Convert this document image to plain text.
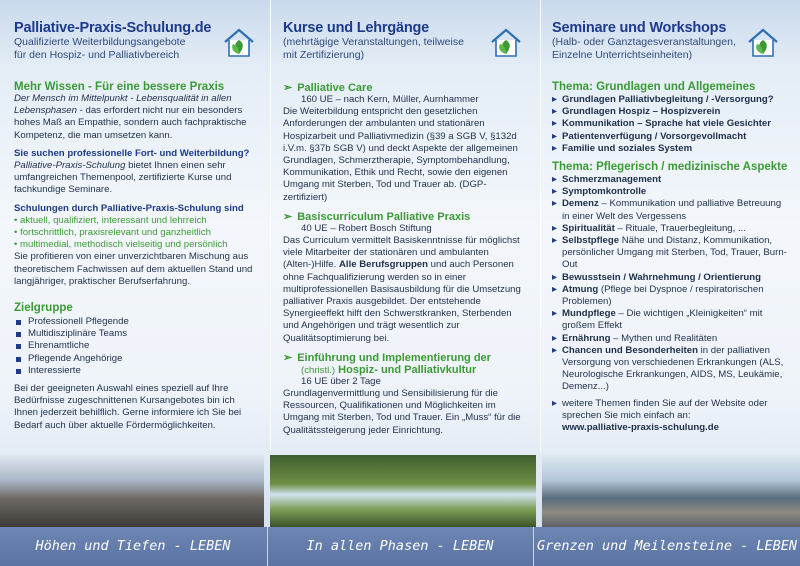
Palliative-Praxis-Schulung.de
Qualifizierte Weiterbildungsangebote für den Hospiz- und Palliativbereich
Mehr Wissen - Für eine bessere Praxis

Der Mensch im Mittelpunkt - Lebensqualität in allen Lebensphasen - das erfordert nicht nur ein besonders hohes Maß an Empathie, sondern auch fachpraktische Kompetenz, die man umsetzen kann.

Sie suchen professionelle Fort- und Weiterbildung?

Palliative-Praxis-Schulung bietet Ihnen einen sehr umfangreichen Themenpool, zertifizierte Kurse und fachkundige Seminare.

Schulungen durch Palliative-Praxis-Schulung sind

• aktuell, qualifiziert, interessant und lehrreich
• fortschrittlich, praxisrelevant und ganzheitlich
• multimedial, methodisch vielseitig und persönlich

Sie profitieren von einer unverzichtbaren Mischung aus theoretischem Fachwissen auf dem aktuellen Stand und langjähriger, praktischer Berufserfahrung.

Zielgruppe
Professionell Pflegende
Multidisziplinäre Teams
Ehrenamtliche
Pflegende Angehörige
Interessierte

Bei der geeigneten Auswahl eines speziell auf Ihre Bedürfnisse zugeschnittenen Kursangebotes bin ich Ihnen jederzeit behilflich. Gerne informiere ich Sie bei Bedarf auch über aktuelle Fördermöglichkeiten.

Kurse und Lehrgänge
(mehrtägige Veranstaltungen, teilweise mit Zertifizierung)
➢ Palliative Care

160 UE – nach Kern, Müller, Aurnhammer

Die Weiterbildung entspricht den gesetzlichen Anforderungen der ambulanten und stationären Hospizarbeit und Palliativmedizin (§39 a SGB V, §132d i.V.m. §37b SGB V) und deckt Aspekte der allgemeinen Grundlagen, Schmerztherapie, Symptombehandlung, Kommunikation, Ethik und Recht, sowie den eigenen Umgang mit Sterben, Tod und Trauer ab. (DGP-zertifiziert)

➢ Basiscurriculum Palliative Praxis

40 UE – Robert Bosch Stiftung

Das Curriculum vermittelt Basiskenntnisse für möglichst viele Mitarbeiter der stationären und ambulanten (Alten-)Hilfe. Alle Berufsgruppen und auch Personen ohne Fachqualifizierung werden so in einer multiprofessionellen Basisausbildung für die Umsetzung palliativer Praxis ausgebildet. Der entstehende Synergieeffekt hilft den Schwerstkranken, Sterbenden und Angehörigen und trägt wesentlich zur Qualitätsoptimierung bei.

➢ Einführung und Implementierung der
(christl.) Hospiz- und Palliativkultur

16 UE über 2 Tage

Grundlagenvermittlung und Sensibilisierung für die Ressourcen, Qualifikationen und Möglichkeiten im Umgang mit Sterben, Tod und Trauer. Ein „Muss“ für die Qualitätssteigerung jeder Einrichtung.

Seminare und Workshops
(Halb- oder Ganztagesveranstaltungen, Einzelne Unterrichtseinheiten)
Thema: Grundlagen und Allgemeines
▸ Grundlagen Palliativbegleitung / -Versorgung?
▸ Grundlagen Hospiz – Hospizverein
▸ Kommunikation – Sprache hat viele Gesichter
▸ Patientenverfügung / Vorsorgevollmacht
▸ Familie und soziales System
Thema: Pflegerisch / medizinische Aspekte
▸ Schmerzmanagement
▸ Symptomkontrolle
▸ Demenz – Kommunikation und palliative Betreuung in einer Welt des Vergessens
▸ Spiritualität – Rituale, Trauerbegleitung, ...
▸ Selbstpflege Nähe und Distanz, Kommunikation, persönlicher Umgang mit Sterben, Tod, Trauer, Burn-Out
▸ Bewusstsein / Wahrnehmung / Orientierung
▸ Atmung (Pflege bei Dyspnoe / respiratorischen Problemen)
▸ Mundpflege – Die wichtigen „Kleinigkeiten“ mit großem Effekt
▸ Ernährung – Mythen und Realitäten
▸ Chancen und Besonderheiten in der palliativen Versorgung von verschiedenen Erkrankungen (ALS, Neurologische Erkrankungen, AIDS, MS, Leukämie, Demenz...)
▸ weitere Themen finden Sie auf der Website oder sprechen Sie mich einfach an:
www.palliative-praxis-schulung.de
Höhen und Tiefen - LEBEN	In allen Phasen - LEBEN	Grenzen und Meilensteine - LEBEN
